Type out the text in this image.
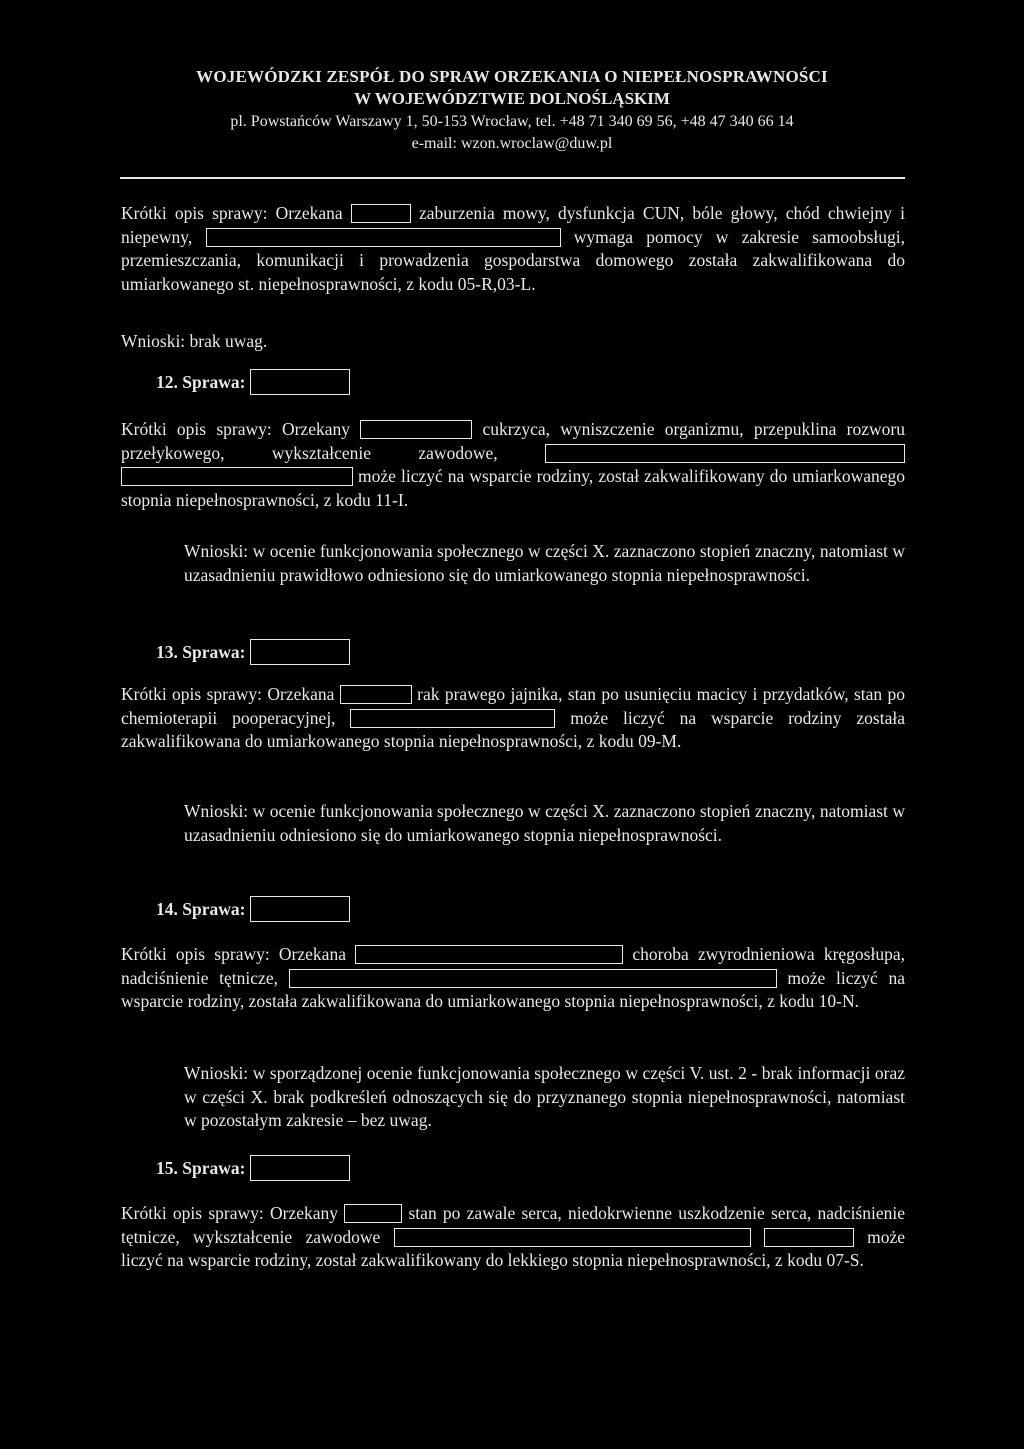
WOJEWÓDZKI ZESPÓŁ DO SPRAW ORZEKANIA O NIEPEŁNOSPRAWNOŚCI
W WOJEWÓDZTWIE DOLNOŚLĄSKIM
pl. Powstańców Warszawy 1, 50-153 Wrocław, tel. +48 71 340 69 56, +48 47 340 66 14
e-mail: wzon.wroclaw@duw.pl
Krótki opis sprawy: Orzekana	zaburzenia mowy, dysfunkcja CUN, bóle głowy, chód chwiejny i niepewny,	wymaga pomocy w zakresie samoobsługi, przemieszczania, komunikacji i prowadzenia gospodarstwa domowego została zakwalifikowana do umiarkowanego st. niepełnosprawności, z kodu 05-R,03-L.
Wnioski: brak uwag.
12. Sprawa:
Krótki opis sprawy: Orzekany	cukrzyca, wyniszczenie organizmu, przepuklina rozworu przełykowego, wykształcenie zawodowe,   może liczyć na wsparcie rodziny, został zakwalifikowany do umiarkowanego stopnia niepełnosprawności, z kodu 11-I.
Wnioski: w ocenie funkcjonowania społecznego w części X. zaznaczono stopień znaczny, natomiast w uzasadnieniu prawidłowo odniesiono się do umiarkowanego stopnia niepełnosprawności.
13. Sprawa:
Krótki opis sprawy: Orzekana	rak prawego jajnika, stan po usunięciu macicy i przydatków, stan po chemioterapii pooperacyjnej,	może liczyć na wsparcie rodziny została zakwalifikowana do umiarkowanego stopnia niepełnosprawności, z kodu 09-M.
Wnioski: w ocenie funkcjonowania społecznego w części X. zaznaczono stopień znaczny, natomiast w uzasadnieniu odniesiono się do umiarkowanego stopnia niepełnosprawności.
14. Sprawa:
Krótki opis sprawy: Orzekana	choroba zwyrodnieniowa kręgosłupa, nadciśnienie tętnicze,	może liczyć na wsparcie rodziny, została zakwalifikowana do umiarkowanego stopnia niepełnosprawności, z kodu 10-N.
Wnioski: w sporządzonej ocenie funkcjonowania społecznego w części V. ust. 2 - brak informacji oraz w części X. brak podkreśleń odnoszących się do przyznanego stopnia niepełnosprawności, natomiast w pozostałym zakresie – bez uwag.
15. Sprawa:
Krótki opis sprawy: Orzekany	stan po zawale serca, niedokrwienne uszkodzenie serca, nadciśnienie tętnicze, wykształcenie zawodowe	może liczyć na wsparcie rodziny, został zakwalifikowany do lekkiego stopnia niepełnosprawności, z kodu 07-S.
